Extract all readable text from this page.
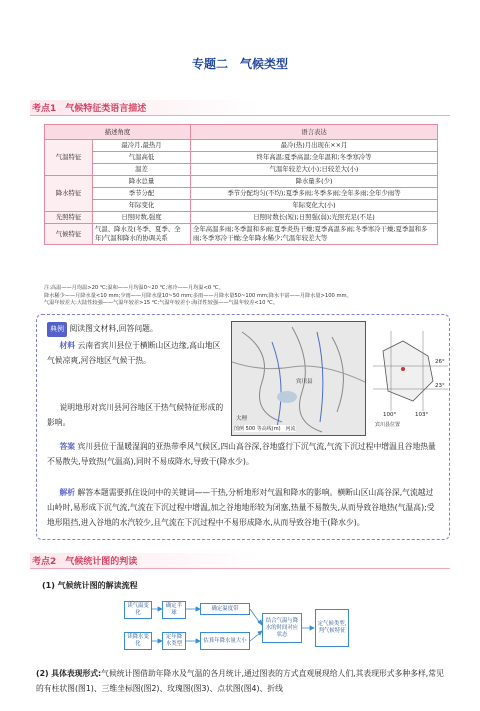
专题二　气候类型
考点1　气候特征类语言描述
描述角度		语言表达
气温特征	最冷月,最热月	最冷(热)月出现在××月
	气温高低	终年高温;夏季高温;全年温和;冬季寒冷等
	温差	气温年较差大(小);日较差大(小)
降水特征	降水总量	降水量多(少)
	季节分配	季节分配均匀(不均);夏季多雨;冬季多雨;全年多雨;全年少雨等
	年际变化	年际变化大(小)
光照特征	日照时数,强度	日照时数长(短);日照强(弱);光照充足(不足)
气候特征	气温、降水及(冬季、夏季、全年)气温和降水的协调关系	全年高温多雨;冬季温和多雨;夏季炎热干燥;夏季高温多雨;冬季寒冷干燥;夏季温和多雨;冬季寒冷干燥;全年降水稀少;气温年较差大等
注:高温——月均温>20 ℃;温和——月均温0~20 ℃;寒冷——月均温<0 ℃。
降水稀少——月降水量<10 mm;少雨——月降水量10~50 mm;多雨——月降水量50~100 mm;降水丰富——月降水量>100 mm。
气温年较差大:大陆性较强——气温年较差>15 ℃;气温年较差小:海洋性较强——气温年较差<10 ℃。
典例 阅读图文材料,回答问题。
材料 云南省宾川县位于横断山区边缘,高山地区气候凉爽,河谷地区气候干热。
说明地形对宾川县河谷地区干热气候特征形成的影响。	大理
宾川县
图例 500 等高线(m)　河流
26°
23°
100°	103°
宾川县位置
答案 宾川县位于温暖湿润的亚热带季风气候区,四山高谷深,谷地盛行下沉气流,气流下沉过程中增温且谷地热量不易散失,导致热(气温高),同时不易成降水,导致干(降水少)。
解析 解答本题需要抓住设问中的关键词——干热,分析地形对气温和降水的影响。横断山区山高谷深,气流越过山岭时,易形成下沉气流,气流在下沉过程中增温,加之谷地地形较为闭塞,热量不易散失,从而导致谷地热(气温高);受地形阻挡,进入谷地的水汽较少,且气流在下沉过程中不易形成降水,从而导致谷地干(降水少)。
考点2　气候统计图的判读
(1) 气候统计图的解读流程
读气温变化
确定半球
确定温度带
读降水变化
定年降水类型
估算年降水量大小
结合气温与降水的时间对应状态
定气候类型,判气候特征
(2) 具体表现形式:气候统计图借助年降水及气温的各月统计,通过图表的方式直观展现给人们,其表现形式多种多样,常见的有柱状图(图1)、三维坐标图(图2)、玫瑰图(图3)、点状图(图4)、折线
